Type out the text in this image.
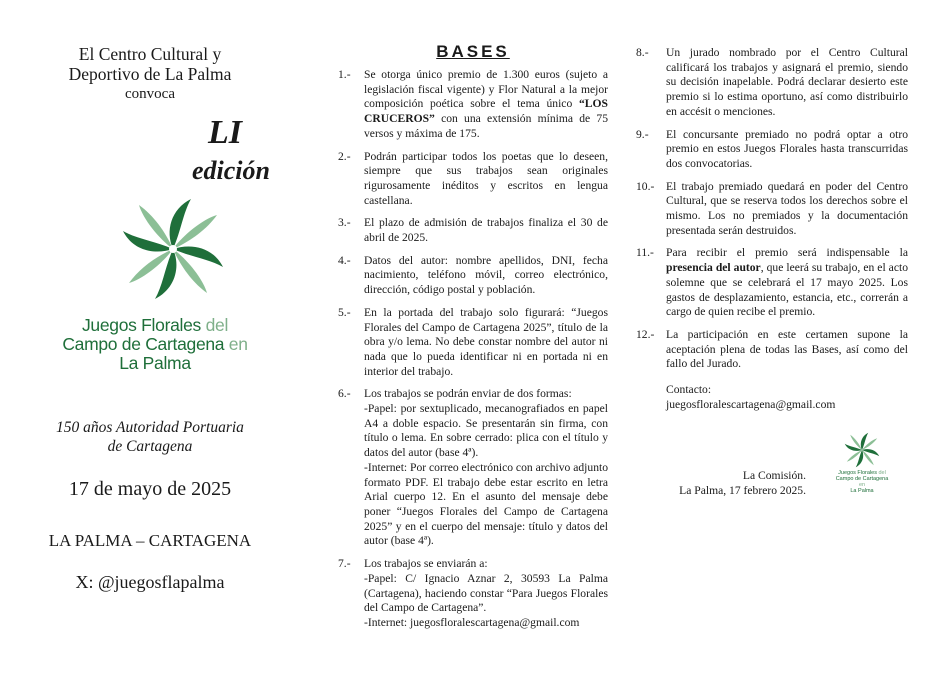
El Centro Cultural y
Deportivo de La Palma
convoca
LI
edición
Juegos Florales del
Campo de Cartagena en
La Palma
150 años Autoridad Portuaria
de Cartagena
17 de mayo de 2025
LA PALMA – CARTAGENA
X: @juegosflapalma
BASES
1.-	Se otorga único premio de 1.300 euros (sujeto a legislación fiscal vigente) y Flor Natural a la mejor composición poética sobre el tema único “LOS CRUCEROS” con una extensión mínima de 75 versos y máxima de 175.
2.-	Podrán participar todos los poetas que lo deseen, siempre que sus trabajos sean originales rigurosamente inéditos y escritos en lengua castellana.
3.-	El plazo de admisión de trabajos finaliza el 30 de abril de 2025.
4.-	Datos del autor: nombre apellidos, DNI, fecha nacimiento, teléfono móvil, correo electrónico, dirección, código postal y población.
5.-	En la portada del trabajo solo figurará: “Juegos Florales del Campo de Cartagena 2025”, título de la obra y/o lema. No debe constar nombre del autor ni nada que lo pueda identificar ni en portada ni en interior del trabajo.
6.-	Los trabajos se podrán enviar de dos formas:

-Papel: por sextuplicado, mecanografiados en papel A4 a doble espacio. Se presentarán sin firma, con título o lema. En sobre cerrado: plica con el título y datos del autor (base 4ª).

-Internet: Por correo electrónico con archivo adjunto formato PDF. El trabajo debe estar escrito en letra Arial cuerpo 12. En el asunto del mensaje debe poner “Juegos Florales del Campo de Cartagena 2025” y en el cuerpo del mensaje: título y datos del autor (base 4ª).

7.-	Los trabajos se enviarán a:

-Papel: C/ Ignacio Aznar 2, 30593 La Palma (Cartagena), haciendo constar “Para Juegos Florales del Campo de Cartagena”.

-Internet: juegosfloralescartagena@gmail.com

8.-	Un jurado nombrado por el Centro Cultural calificará los trabajos y asignará el premio, siendo su decisión inapelable. Podrá declarar desierto este premio si lo estima oportuno, así como distribuirlo en accésit o menciones.
9.-	El concursante premiado no podrá optar a otro premio en estos Juegos Florales hasta transcurridas dos convocatorias.
10.-	El trabajo premiado quedará en poder del Centro Cultural, que se reserva todos los derechos sobre el mismo. Los no premiados y la documentación presentada serán destruidos.
11.-	Para recibir el premio será indispensable la presencia del autor, que leerá su trabajo, en el acto solemne que se celebrará el 17 mayo 2025. Los gastos de desplazamiento, estancia, etc., correrán a cargo de quien recibe el premio.
12.-	La participación en este certamen supone la aceptación plena de todas las Bases, así como del fallo del Jurado.
Contacto:
juegosfloralescartagena@gmail.com
Juegos Florales del
Campo de Cartagena en
La Palma
La Comisión.
La Palma, 17 febrero 2025.
